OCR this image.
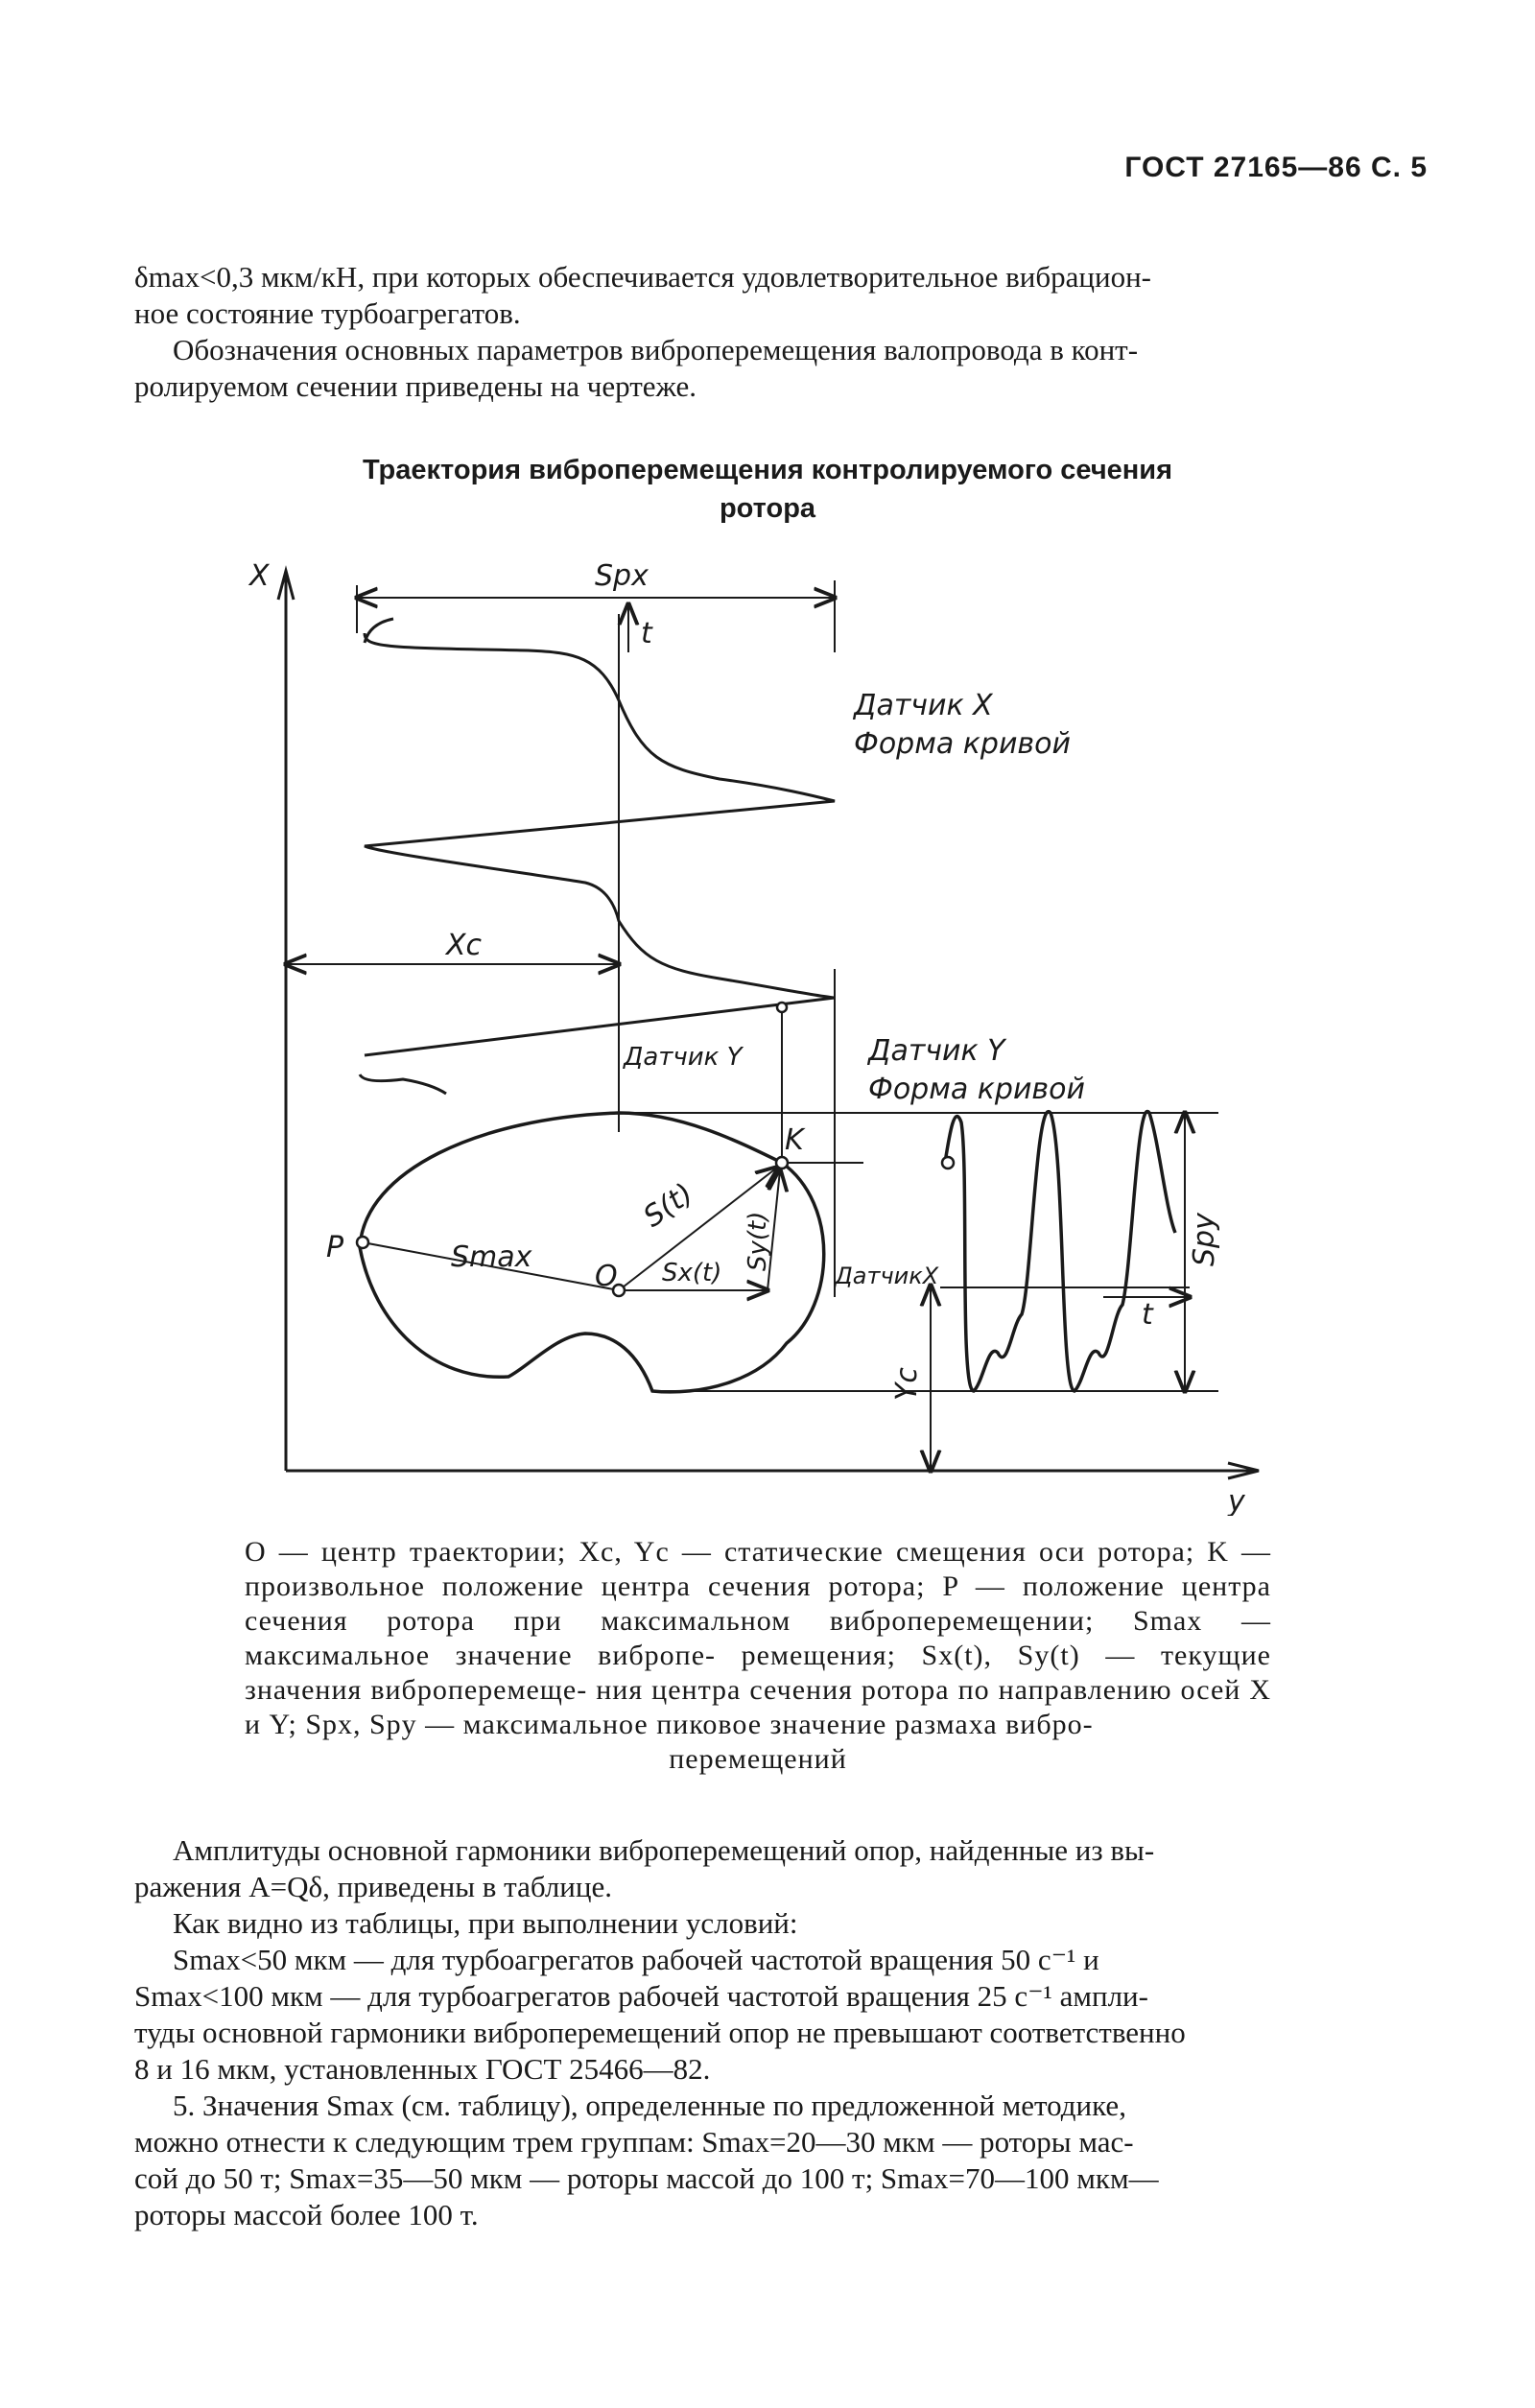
ГОСТ 27165—86 С. 5
δmax<0,3 мкм/кН, при которых обеспечивается удовлетворительное вибрацион-
ное состояние турбоагрегатов.
Обозначения основных параметров виброперемещения валопровода в конт-
ролируемом сечении приведены на чертеже.
Траектория виброперемещения контролируемого сечения
ротора
X
y
Spx
t
Датчик X
Форма кривой
Xc
Датчик Y	Датчик Y
Форма кривой
K
P
O
Smax
S(t)
Sx(t)
Sy(t)
ДатчикX
Spy
Yc
t
O — центр траектории; Xc, Yc — статические смещения оси ротора; K — произвольное положение центра сечения ротора; P — положение центра сечения ротора при максимальном виброперемещении; Smax — максимальное значение вибропе- ремещения; Sx(t), Sy(t) — текущие значения виброперемеще- ния центра сечения ротора по направлению осей X и Y; Spx, Spy — максимальное пиковое значение размаха вибро-
перемещений
Амплитуды основной гармоники виброперемещений опор, найденные из вы-
ражения A=Qδ, приведены в таблице.
Как видно из таблицы, при выполнении условий:
Smax<50 мкм — для турбоагрегатов рабочей частотой вращения 50 с⁻¹ и
Smax<100 мкм — для турбоагрегатов рабочей частотой вращения 25 с⁻¹ ампли-
туды основной гармоники виброперемещений опор не превышают соответственно
8 и 16 мкм, установленных ГОСТ 25466—82.
5. Значения Smax (см. таблицу), определенные по предложенной методике,
можно отнести к следующим трем группам: Smax=20—30 мкм — роторы мас-
сой до 50 т; Smax=35—50 мкм — роторы массой до 100 т; Smax=70—100 мкм—
роторы массой более 100 т.
